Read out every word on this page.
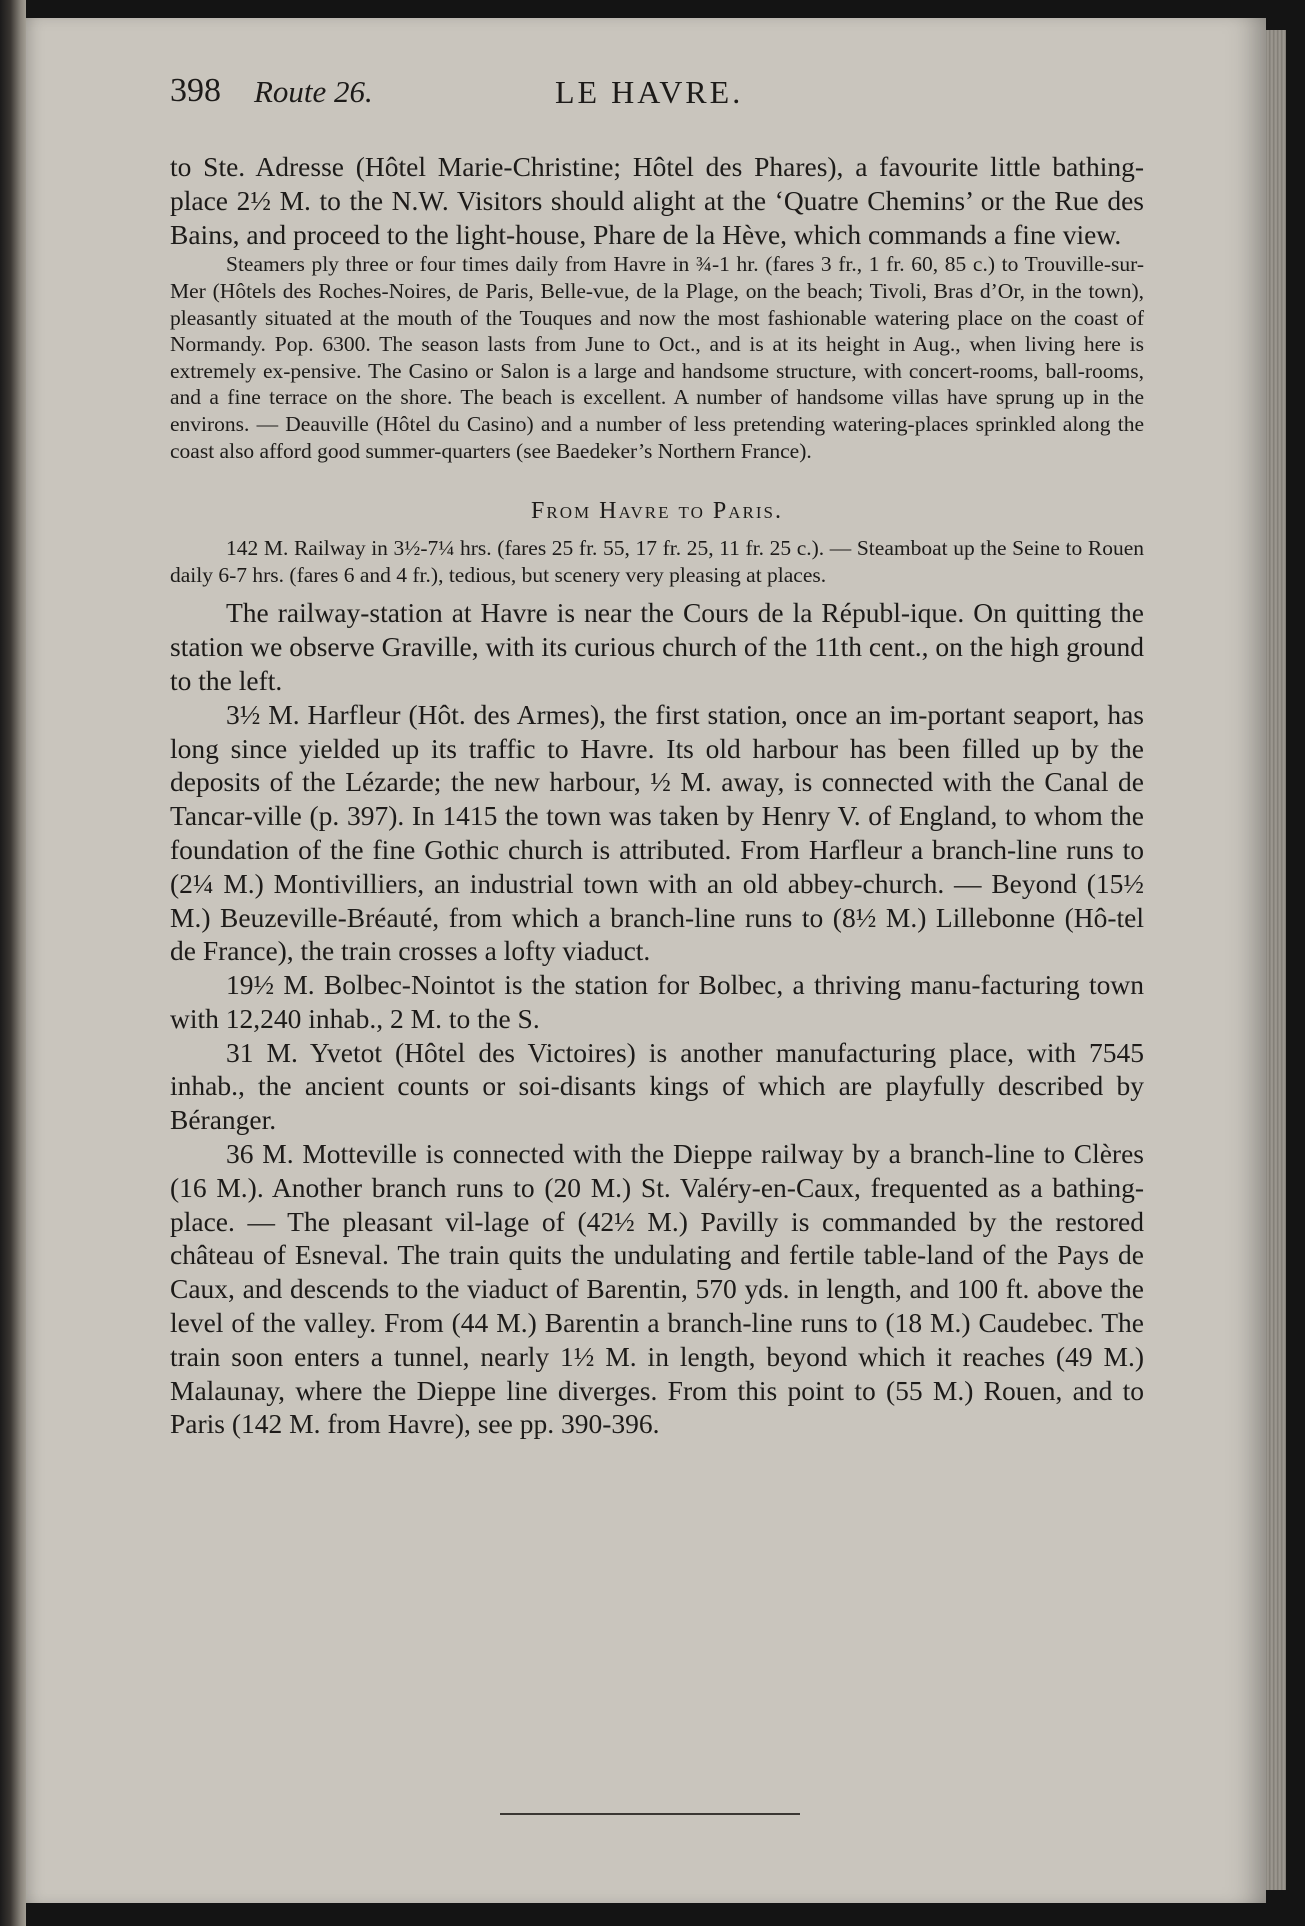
398 Route 26.	LE HAVRE.

to Ste. Adresse (Hôtel Marie-Christine; Hôtel des Phares), a favourite little bathing-place 2½ M. to the N.W. Visitors should alight at the ‘Quatre Chemins’ or the Rue des Bains, and proceed to the light-house, Phare de la Hève, which commands a fine view.

Steamers ply three or four times daily from Havre in ¾-1 hr. (fares 3 fr., 1 fr. 60, 85 c.) to Trouville-sur-Mer (Hôtels des Roches-Noires, de Paris, Belle-vue, de la Plage, on the beach; Tivoli, Bras d’Or, in the town), pleasantly situated at the mouth of the Touques and now the most fashionable watering place on the coast of Normandy. Pop. 6300. The season lasts from June to Oct., and is at its height in Aug., when living here is extremely ex-pensive. The Casino or Salon is a large and handsome structure, with concert-rooms, ball-rooms, and a fine terrace on the shore. The beach is excellent. A number of handsome villas have sprung up in the environs. — Deauville (Hôtel du Casino) and a number of less pretending watering-places sprinkled along the coast also afford good summer-quarters (see Baedeker’s Northern France).

From Havre to Paris.

142 M. Railway in 3½-7¼ hrs. (fares 25 fr. 55, 17 fr. 25, 11 fr. 25 c.). — Steamboat up the Seine to Rouen daily 6-7 hrs. (fares 6 and 4 fr.), tedious, but scenery very pleasing at places.

The railway-station at Havre is near the Cours de la Républ-ique. On quitting the station we observe Graville, with its curious church of the 11th cent., on the high ground to the left.

3½ M. Harfleur (Hôt. des Armes), the first station, once an im-portant seaport, has long since yielded up its traffic to Havre. Its old harbour has been filled up by the deposits of the Lézarde; the new harbour, ½ M. away, is connected with the Canal de Tancar-ville (p. 397). In 1415 the town was taken by Henry V. of England, to whom the foundation of the fine Gothic church is attributed. From Harfleur a branch-line runs to (2¼ M.) Montivilliers, an industrial town with an old abbey-church. — Beyond (15½ M.) Beuzeville-Bréauté, from which a branch-line runs to (8½ M.) Lillebonne (Hô-tel de France), the train crosses a lofty viaduct.

19½ M. Bolbec-Nointot is the station for Bolbec, a thriving manu-facturing town with 12,240 inhab., 2 M. to the S.

31 M. Yvetot (Hôtel des Victoires) is another manufacturing place, with 7545 inhab., the ancient counts or soi-disants kings of which are playfully described by Béranger.

36 M. Motteville is connected with the Dieppe railway by a branch-line to Clères (16 M.). Another branch runs to (20 M.) St. Valéry-en-Caux, frequented as a bathing-place. — The pleasant vil-lage of (42½ M.) Pavilly is commanded by the restored château of Esneval. The train quits the undulating and fertile table-land of the Pays de Caux, and descends to the viaduct of Barentin, 570 yds. in length, and 100 ft. above the level of the valley. From (44 M.) Barentin a branch-line runs to (18 M.) Caudebec. The train soon enters a tunnel, nearly 1½ M. in length, beyond which it reaches (49 M.) Malaunay, where the Dieppe line diverges. From this point to (55 M.) Rouen, and to Paris (142 M. from Havre), see pp. 390-396.
